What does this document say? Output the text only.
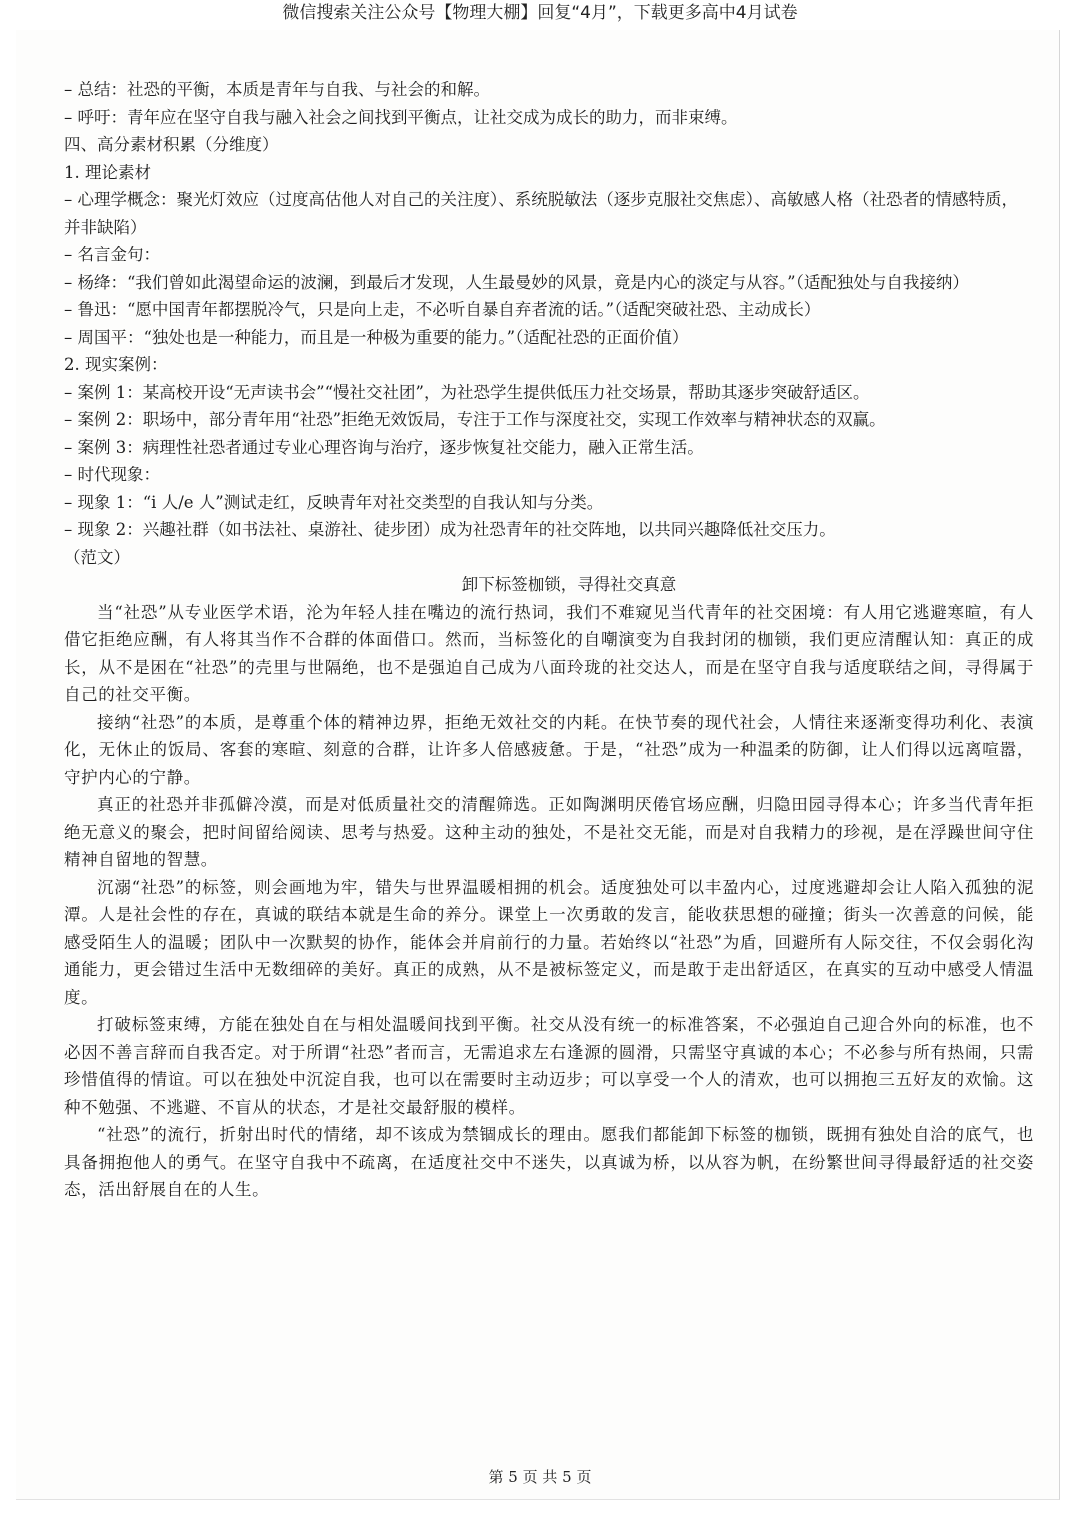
微信搜索关注公众号【物理大棚】回复“4月”，下载更多高中4月试卷

– 总结：社恐的平衡，本质是青年与自我、与社会的和解。

– 呼吁：青年应在坚守自我与融入社会之间找到平衡点，让社交成为成长的助力，而非束缚。

四、高分素材积累（分维度）

1. 理论素材

– 心理学概念：聚光灯效应（过度高估他人对自己的关注度）、系统脱敏法（逐步克服社交焦虑）、高敏感人格（社恐者的情感特质，并非缺陷）

– 名言金句：

– 杨绛：“我们曾如此渴望命运的波澜，到最后才发现，人生最曼妙的风景，竟是内心的淡定与从容。”（适配独处与自我接纳）

– 鲁迅：“愿中国青年都摆脱冷气，只是向上走，不必听自暴自弃者流的话。”（适配突破社恐、主动成长）

– 周国平：“独处也是一种能力，而且是一种极为重要的能力。”（适配社恐的正面价值）

2. 现实案例：

– 案例 1：某高校开设“无声读书会”“慢社交社团”，为社恐学生提供低压力社交场景，帮助其逐步突破舒适区。

– 案例 2：职场中，部分青年用“社恐”拒绝无效饭局，专注于工作与深度社交，实现工作效率与精神状态的双赢。

– 案例 3：病理性社恐者通过专业心理咨询与治疗，逐步恢复社交能力，融入正常生活。

– 时代现象：

– 现象 1：“i 人/e 人”测试走红，反映青年对社交类型的自我认知与分类。

– 现象 2：兴趣社群（如书法社、桌游社、徒步团）成为社恐青年的社交阵地，以共同兴趣降低社交压力。

（范文）

卸下标签枷锁，寻得社交真意

当“社恐”从专业医学术语，沦为年轻人挂在嘴边的流行热词，我们不难窥见当代青年的社交困境：有人用它逃避寒暄，有人借它拒绝应酬，有人将其当作不合群的体面借口。然而，当标签化的自嘲演变为自我封闭的枷锁，我们更应清醒认知：真正的成长，从不是困在“社恐”的壳里与世隔绝，也不是强迫自己成为八面玲珑的社交达人，而是在坚守自我与适度联结之间，寻得属于自己的社交平衡。

接纳“社恐”的本质，是尊重个体的精神边界，拒绝无效社交的内耗。在快节奏的现代社会，人情往来逐渐变得功利化、表演化，无休止的饭局、客套的寒暄、刻意的合群，让许多人倍感疲惫。于是，“社恐”成为一种温柔的防御，让人们得以远离喧嚣，守护内心的宁静。

真正的社恐并非孤僻冷漠，而是对低质量社交的清醒筛选。正如陶渊明厌倦官场应酬，归隐田园寻得本心；许多当代青年拒绝无意义的聚会，把时间留给阅读、思考与热爱。这种主动的独处，不是社交无能，而是对自我精力的珍视，是在浮躁世间守住精神自留地的智慧。

沉溺“社恐”的标签，则会画地为牢，错失与世界温暖相拥的机会。适度独处可以丰盈内心，过度逃避却会让人陷入孤独的泥潭。人是社会性的存在，真诚的联结本就是生命的养分。课堂上一次勇敢的发言，能收获思想的碰撞；街头一次善意的问候，能感受陌生人的温暖；团队中一次默契的协作，能体会并肩前行的力量。若始终以“社恐”为盾，回避所有人际交往，不仅会弱化沟通能力，更会错过生活中无数细碎的美好。真正的成熟，从不是被标签定义，而是敢于走出舒适区，在真实的互动中感受人情温度。

打破标签束缚，方能在独处自在与相处温暖间找到平衡。社交从没有统一的标准答案，不必强迫自己迎合外向的标准，也不必因不善言辞而自我否定。对于所谓“社恐”者而言，无需追求左右逢源的圆滑，只需坚守真诚的本心；不必参与所有热闹，只需珍惜值得的情谊。可以在独处中沉淀自我，也可以在需要时主动迈步；可以享受一个人的清欢，也可以拥抱三五好友的欢愉。这种不勉强、不逃避、不盲从的状态，才是社交最舒服的模样。

“社恐”的流行，折射出时代的情绪，却不该成为禁锢成长的理由。愿我们都能卸下标签的枷锁，既拥有独处自洽的底气，也具备拥抱他人的勇气。在坚守自我中不疏离，在适度社交中不迷失，以真诚为桥，以从容为帆，在纷繁世间寻得最舒适的社交姿态，活出舒展自在的人生。

第 5 页 共 5 页
